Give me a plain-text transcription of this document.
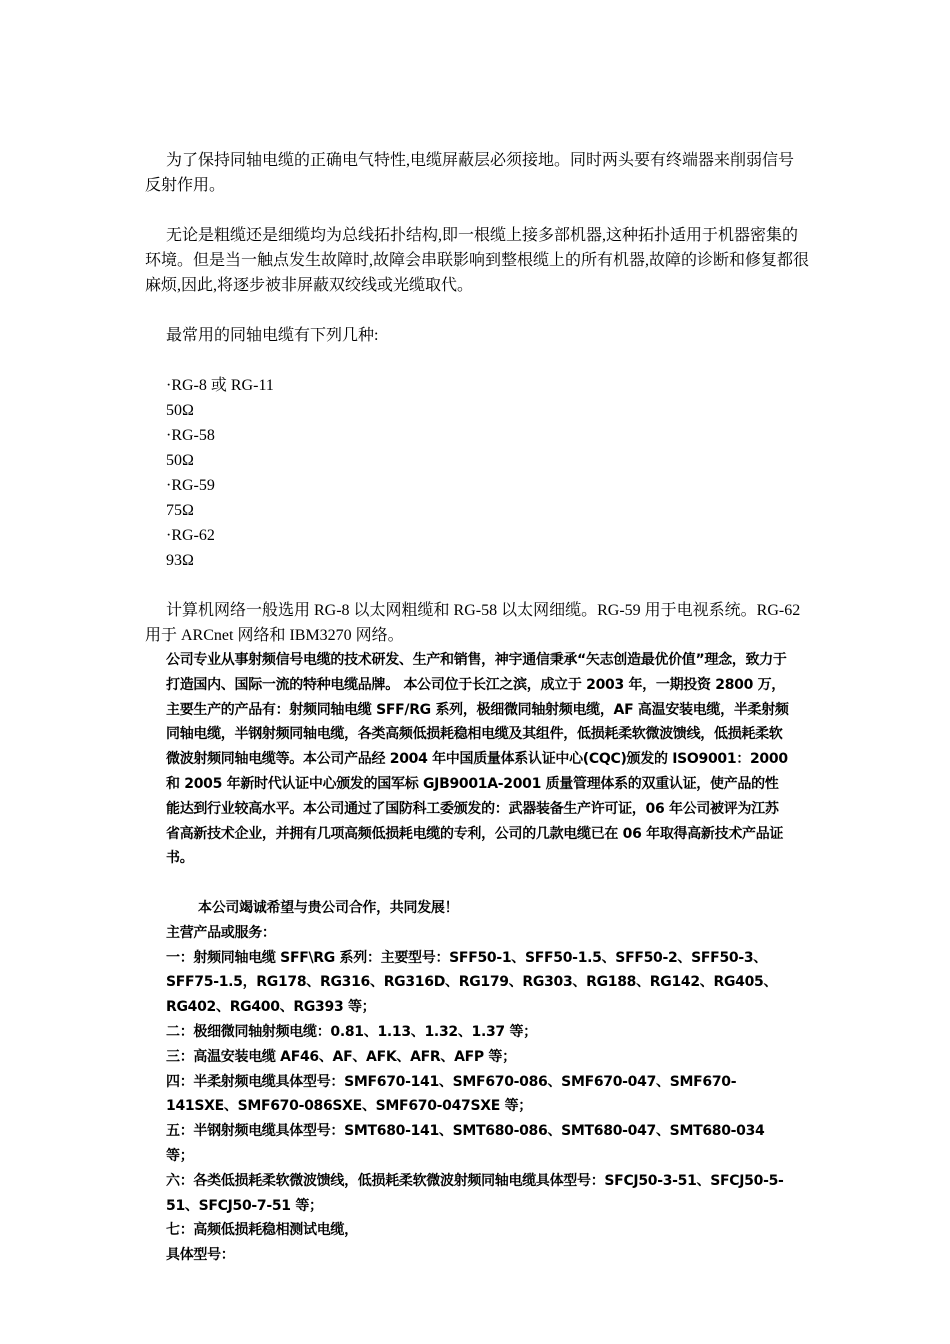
为了保持同轴电缆的正确电气特性,电缆屏蔽层必须接地。同时两头要有终端器来削弱信号反射作用。

无论是粗缆还是细缆均为总线拓扑结构,即一根缆上接多部机器,这种拓扑适用于机器密集的环境。但是当一触点发生故障时,故障会串联影响到整根缆上的所有机器,故障的诊断和修复都很麻烦,因此,将逐步被非屏蔽双绞线或光缆取代。

最常用的同轴电缆有下列几种:

·RG-8 或 RG-11
50Ω
·RG-58
50Ω
·RG-59
75Ω
·RG-62
93Ω

计算机网络一般选用 RG-8 以太网粗缆和 RG-58 以太网细缆。RG-59 用于电视系统。RG-62 用于 ARCnet 网络和 IBM3270 网络。

公司专业从事射频信号电缆的技术研发、生产和销售，神宇通信秉承“矢志创造最优价值”理念，致力于打造国内、国际一流的特种电缆品牌。 本公司位于长江之滨，成立于 2003 年，一期投资 2800 万，主要生产的产品有：射频同轴电缆 SFF/RG 系列，极细微同轴射频电缆，AF 高温安装电缆，半柔射频同轴电缆，半钢射频同轴电缆，各类高频低损耗稳相电缆及其组件，低损耗柔软微波馈线，低损耗柔软微波射频同轴电缆等。本公司产品经 2004 年中国质量体系认证中心(CQC)颁发的 ISO9001：2000 和 2005 年新时代认证中心颁发的国军标 GJB9001A-2001 质量管理体系的双重认证，使产品的性能达到行业较高水平。本公司通过了国防科工委颁发的：武器装备生产许可证，06 年公司被评为江苏省高新技术企业，并拥有几项高频低损耗电缆的专利，公司的几款电缆已在 06 年取得高新技术产品证书。

本公司竭诚希望与贵公司合作，共同发展！

主营产品或服务：

一：射频同轴电缆 SFF\RG 系列：主要型号：SFF50-1、SFF50-1.5、SFF50-2、SFF50-3、SFF75-1.5，RG178、RG316、RG316D、RG179、RG303、RG188、RG142、RG405、RG402、RG400、RG393 等；

二：极细微同轴射频电缆：0.81、1.13、1.32、1.37 等；

三：高温安装电缆 AF46、AF、AFK、AFR、AFP 等；

四：半柔射频电缆具体型号：SMF670-141、SMF670-086、SMF670-047、SMF670-141SXE、SMF670-086SXE、SMF670-047SXE 等；

五：半钢射频电缆具体型号：SMT680-141、SMT680-086、SMT680-047、SMT680-034 等；

六：各类低损耗柔软微波馈线，低损耗柔软微波射频同轴电缆具体型号：SFCJ50-3-51、SFCJ50-5-51、SFCJ50-7-51 等；

七：高频低损耗稳相测试电缆，

具体型号：
